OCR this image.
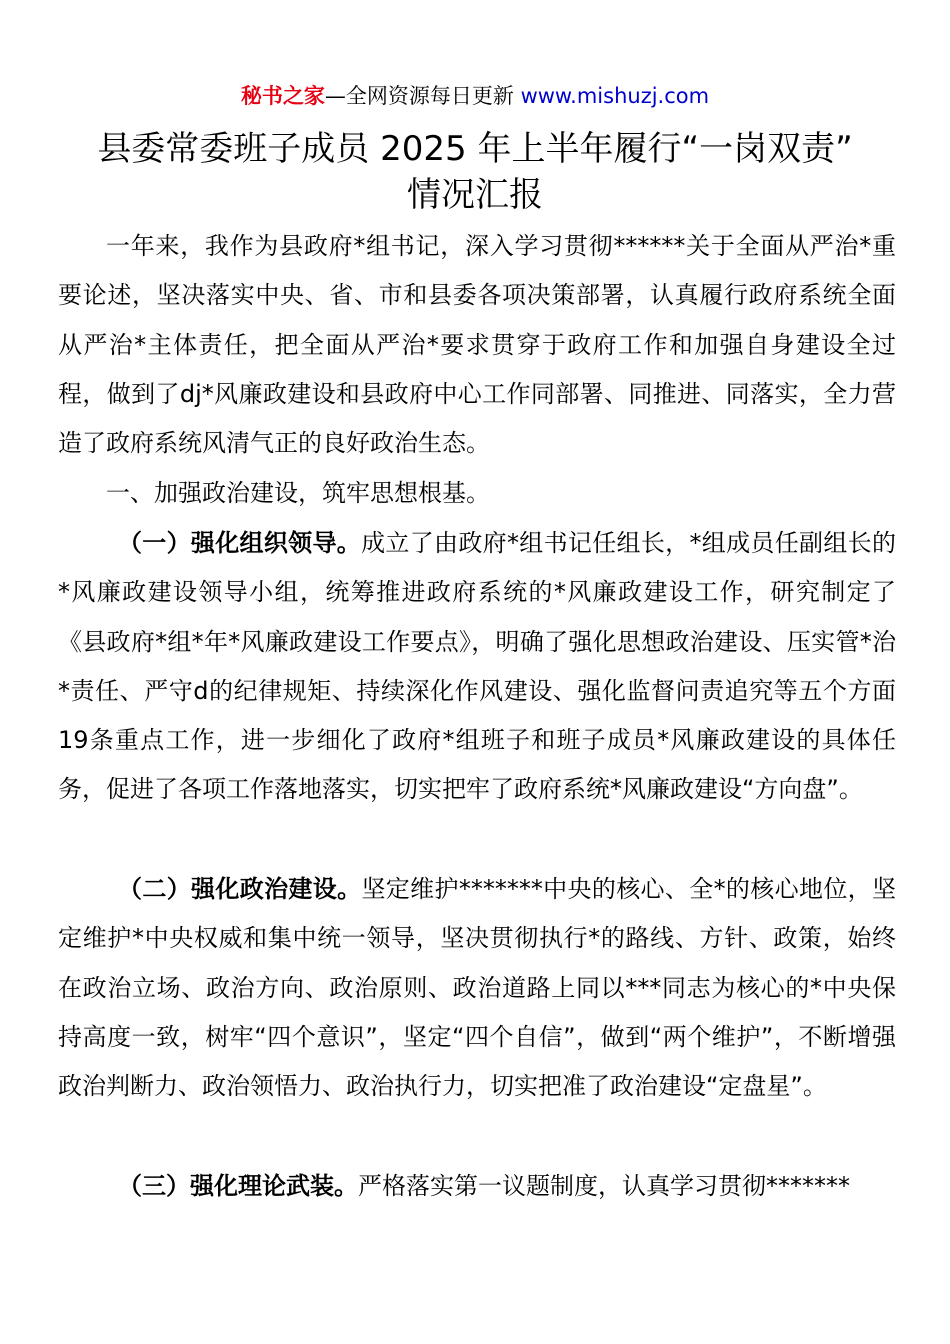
秘书之家—全网资源每日更新 www.mishuzj.com
县委常委班子成员 2025 年上半年履行“一岗双责”
情况汇报
一年来，我作为县政府*组书记，深入学习贯彻******关于全面从严治*重要论述，坚决落实中央、省、市和县委各项决策部署，认真履行政府系统全面从严治*主体责任，把全面从严治*要求贯穿于政府工作和加强自身建设全过程，做到了dj*风廉政建设和县政府中心工作同部署、同推进、同落实，全力营造了政府系统风清气正的良好政治生态。
一、加强政治建设，筑牢思想根基。
（一）强化组织领导。成立了由政府*组书记任组长，*组成员任副组长的*风廉政建设领导小组，统筹推进政府系统的*风廉政建设工作，研究制定了《县政府*组*年*风廉政建设工作要点》，明确了强化思想政治建设、压实管*治*责任、严守d的纪律规矩、持续深化作风建设、强化监督问责追究等五个方面19条重点工作，进一步细化了政府*组班子和班子成员*风廉政建设的具体任务，促进了各项工作落地落实，切实把牢了政府系统*风廉政建设“方向盘”。
（二）强化政治建设。坚定维护*******中央的核心、全*的核心地位，坚定维护*中央权威和集中统一领导，坚决贯彻执行*的路线、方针、政策，始终在政治立场、政治方向、政治原则、政治道路上同以***同志为核心的*中央保持高度一致，树牢“四个意识”，坚定“四个自信”，做到“两个维护”，不断增强政治判断力、政治领悟力、政治执行力，切实把准了政治建设“定盘星”。
（三）强化理论武装。严格落实第一议题制度，认真学习贯彻*******
